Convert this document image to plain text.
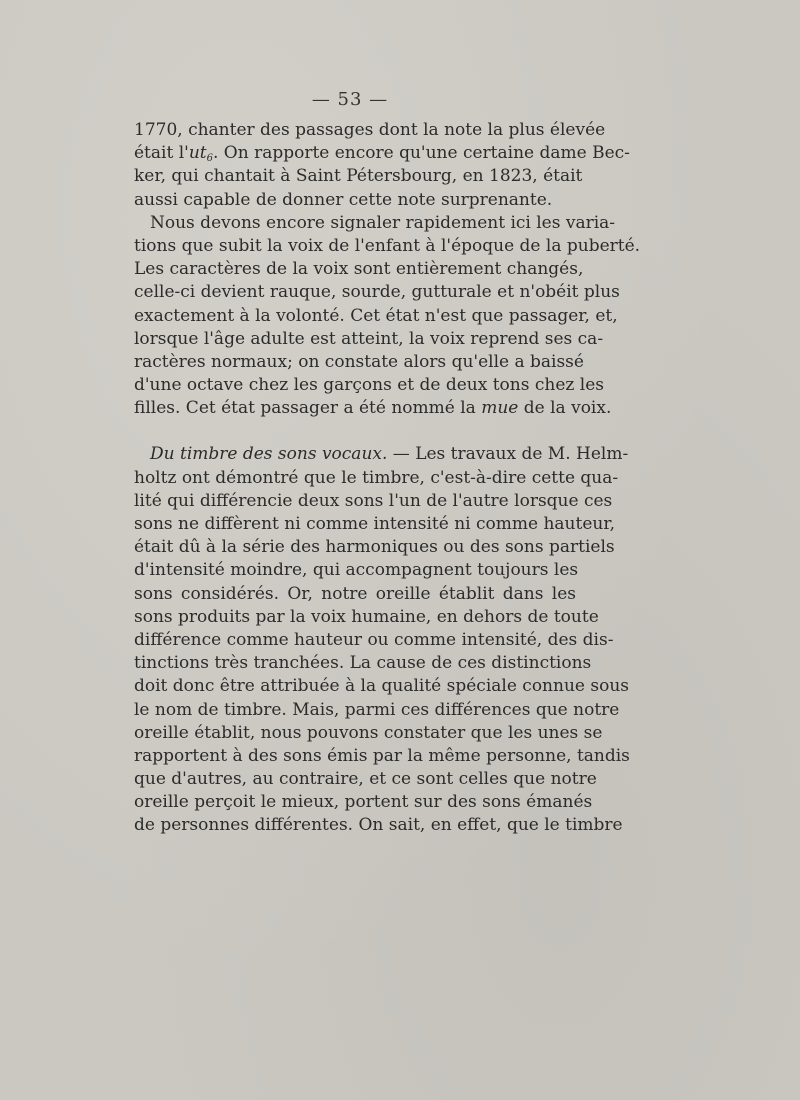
— 53 —
1770, chanter des passages dont la note la plus élevée
était $l'ut_6$. On rapporte encore qu'une certaine dame Bec-
ker, qui chantait à Saint Pétersbourg, en 1823, était
aussi capable de donner cette note surprenante.
Nous devons encore signaler rapidement ici les varia-
tions que subit la voix de l'enfant à l'époque de la puberté.
Les caractères de la voix sont entièrement changés,
celle-ci devient rauque, sourde, gutturale et n'obéit plus
exactement à la volonté. Cet état n'est que passager, et,
lorsque l'âge adulte est atteint, la voix reprend ses ca-
ractères normaux; on constate alors qu'elle a baissé
d'une octave chez les garçons et de deux tons chez les
filles. Cet état passager a été nommé la mue de la voix.
Du timbre des sons vocaux. — Les travaux de M. Helm-
holtz ont démontré que le timbre, c'est-à-dire cette qua-
lité qui différencie deux sons l'un de l'autre lorsque ces
sons ne diffèrent ni comme intensité ni comme hauteur,
était dû à la série des harmoniques ou des sons partiels
d'intensité moindre, qui accompagnent toujours les
sons considérés. Or, notre oreille établit dans les
sons produits par la voix humaine, en dehors de toute
différence comme hauteur ou comme intensité, des dis-
tinctions très tranchées. La cause de ces distinctions
doit donc être attribuée à la qualité spéciale connue sous
le nom de timbre. Mais, parmi ces différences que notre
oreille établit, nous pouvons constater que les unes se
rapportent à des sons émis par la même personne, tandis
que d'autres, au contraire, et ce sont celles que notre
oreille perçoit le mieux, portent sur des sons émanés
de personnes différentes. On sait, en effet, que le timbre
